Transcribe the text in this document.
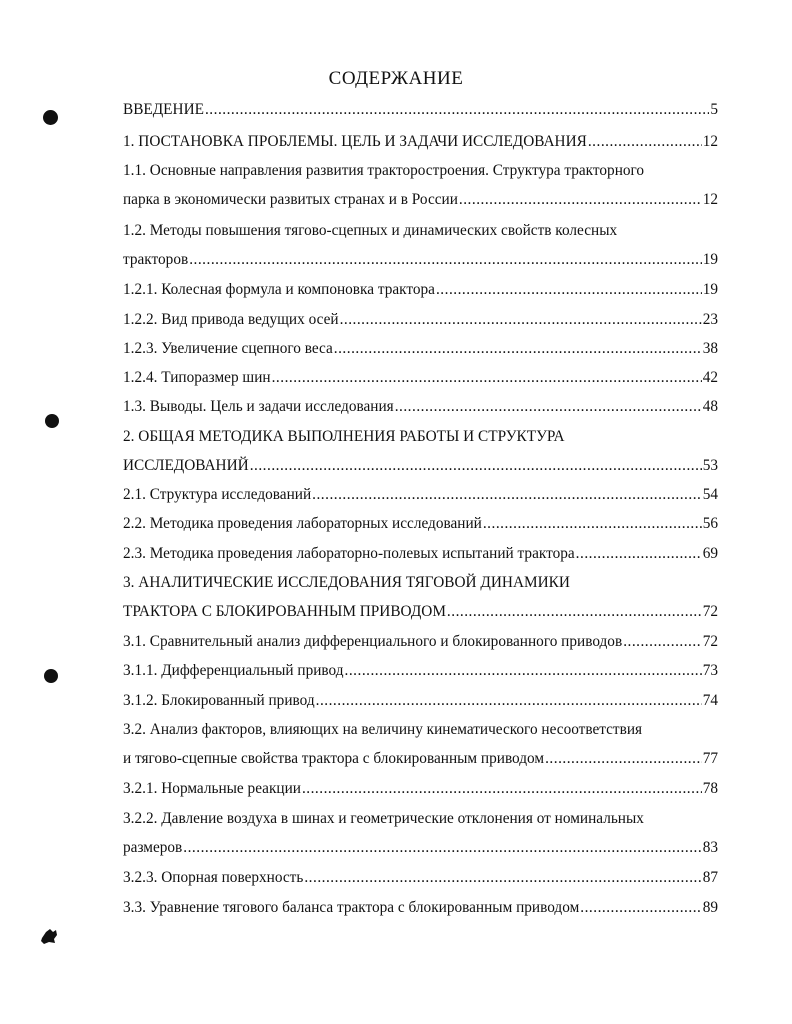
СОДЕРЖАНИЕ
ВВЕДЕНИЕ .....	5
1. ПОСТАНОВКА ПРОБЛЕМЫ. ЦЕЛЬ И ЗАДАЧИ ИССЛЕДОВАНИЯ .....	12
1.1. Основные направления развития тракторостроения. Структура тракторного
парка в экономически развитых странах и в России .....	12
1.2. Методы повышения тягово-сцепных и динамических свойств колесных
тракторов .....	19
1.2.1. Колесная формула и компоновка трактора .....	19
1.2.2. Вид привода ведущих осей .....	23
1.2.3. Увеличение сцепного веса .....	38
1.2.4. Типоразмер шин .....	42
1.3. Выводы. Цель и задачи исследования .....	48
2. ОБЩАЯ МЕТОДИКА ВЫПОЛНЕНИЯ РАБОТЫ И СТРУКТУРА
ИССЛЕДОВАНИЙ .....	53
2.1. Структура исследований .....	54
2.2. Методика проведения лабораторных исследований .....	56
2.3. Методика проведения лабораторно-полевых испытаний трактора .....	69
3. АНАЛИТИЧЕСКИЕ ИССЛЕДОВАНИЯ ТЯГОВОЙ ДИНАМИКИ
ТРАКТОРА С БЛОКИРОВАННЫМ ПРИВОДОМ .....	72
3.1. Сравнительный анализ дифференциального и блокированного приводов .....	72
3.1.1. Дифференциальный привод .....	73
3.1.2. Блокированный привод .....	74
3.2. Анализ факторов, влияющих на величину кинематического несоответствия
и тягово-сцепные свойства трактора с блокированным приводом .....	77
3.2.1. Нормальные реакции .....	78
3.2.2. Давление воздуха в шинах и геометрические отклонения от номинальных
размеров .....	83
3.2.3. Опорная поверхность .....	87
3.3. Уравнение тягового баланса трактора с блокированным приводом .....	89
